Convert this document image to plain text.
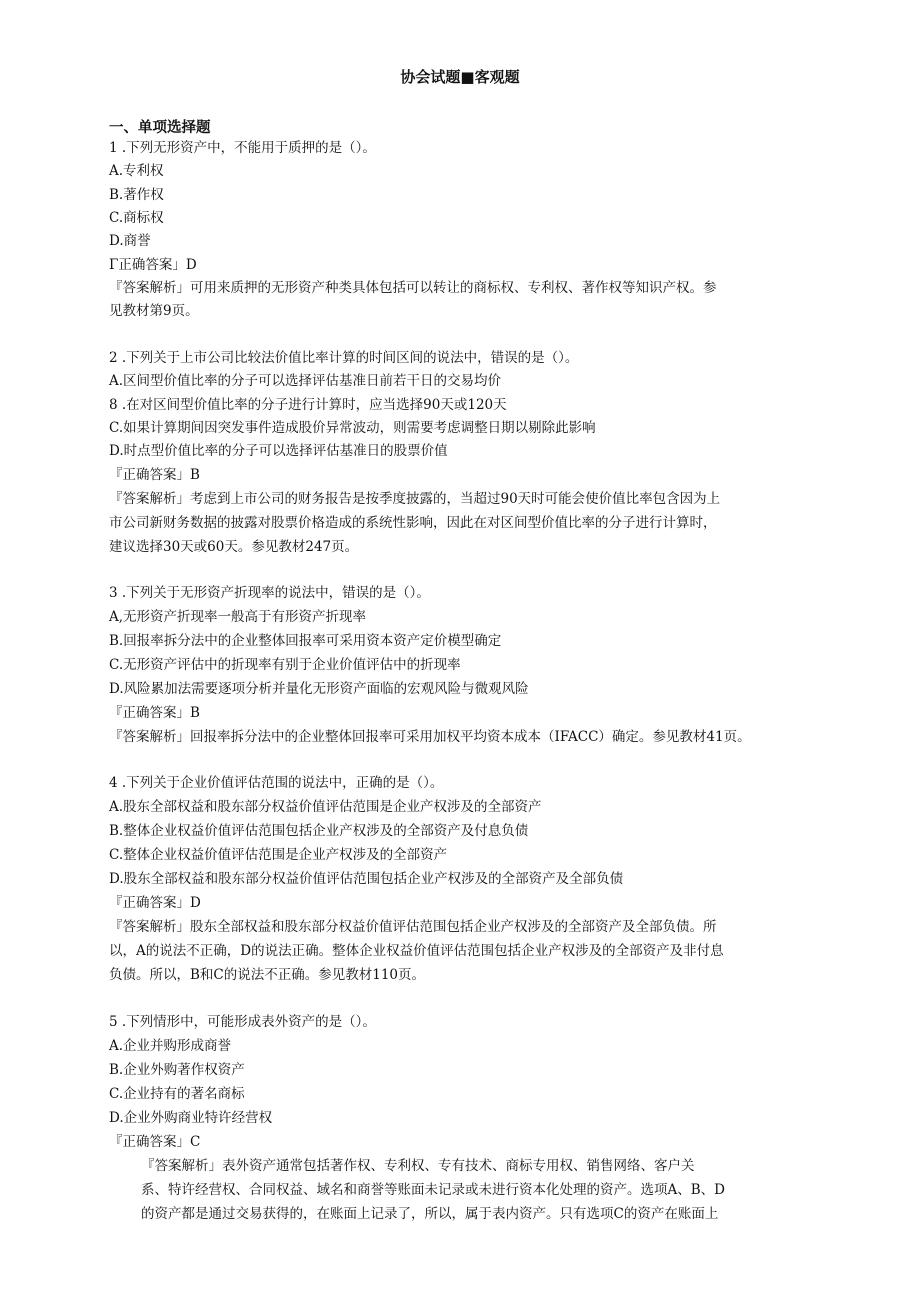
协会试题■客观题
一、单项选择题
1 .下列无形资产中，不能用于质押的是（）。
A.专利权
B.著作权
C.商标权
D.商誉
Γ正确答案」D
『答案解析」可用来质押的无形资产种类具体包括可以转让的商标权、专利权、著作权等知识产权。参
见教材第9页。
2 .下列关于上市公司比较法价值比率计算的时间区间的说法中，错误的是（）。
A.区间型价值比率的分子可以选择评估基准日前若干日的交易均价
8 .在对区间型价值比率的分子进行计算时，应当选择90天或120天
C.如果计算期间因突发事件造成股价异常波动，则需要考虑调整日期以剔除此影响
D.时点型价值比率的分子可以选择评估基准日的股票价值
『正确答案」B
『答案解析」考虑到上市公司的财务报告是按季度披露的，当超过90天时可能会使价值比率包含因为上
市公司新财务数据的披露对股票价格造成的系统性影响，因此在对区间型价值比率的分子进行计算时，
建议选择30天或60天。参见教材247页。
3 .下列关于无形资产折现率的说法中，错误的是（）。
A,无形资产折现率一般高于有形资产折现率
B.回报率拆分法中的企业整体回报率可采用资本资产定价模型确定
C.无形资产评估中的折现率有别于企业价值评估中的折现率
D.风险累加法需要逐项分析并量化无形资产面临的宏观风险与微观风险
『正确答案」B
『答案解析」回报率拆分法中的企业整体回报率可采用加权平均资本成本（IFACC）确定。参见教材41页。
4 .下列关于企业价值评估范围的说法中，正确的是（）。
A.股东全部权益和股东部分权益价值评估范围是企业产权涉及的全部资产
B.整体企业权益价值评估范围包括企业产权涉及的全部资产及付息负债
C.整体企业权益价值评估范围是企业产权涉及的全部资产
D.股东全部权益和股东部分权益价值评估范围包括企业产权涉及的全部资产及全部负债
『正确答案」D
『答案解析」股东全部权益和股东部分权益价值评估范围包括企业产权涉及的全部资产及全部负债。所
以，A的说法不正确，D的说法正确。整体企业权益价值评估范围包括企业产权涉及的全部资产及非付息
负债。所以，B和C的说法不正确。参见教材110页。
5 .下列情形中，可能形成表外资产的是（）。
A.企业并购形成商誉
B.企业外购著作权资产
C.企业持有的著名商标
D.企业外购商业特许经营权
『正确答案」C
『答案解析」表外资产通常包括著作权、专利权、专有技术、商标专用权、销售网络、客户关
系、特许经营权、合同权益、域名和商誉等账面未记录或未进行资本化处理的资产。选项A、B、D
的资产都是通过交易获得的，在账面上记录了，所以，属于表内资产。只有选项C的资产在账面上
